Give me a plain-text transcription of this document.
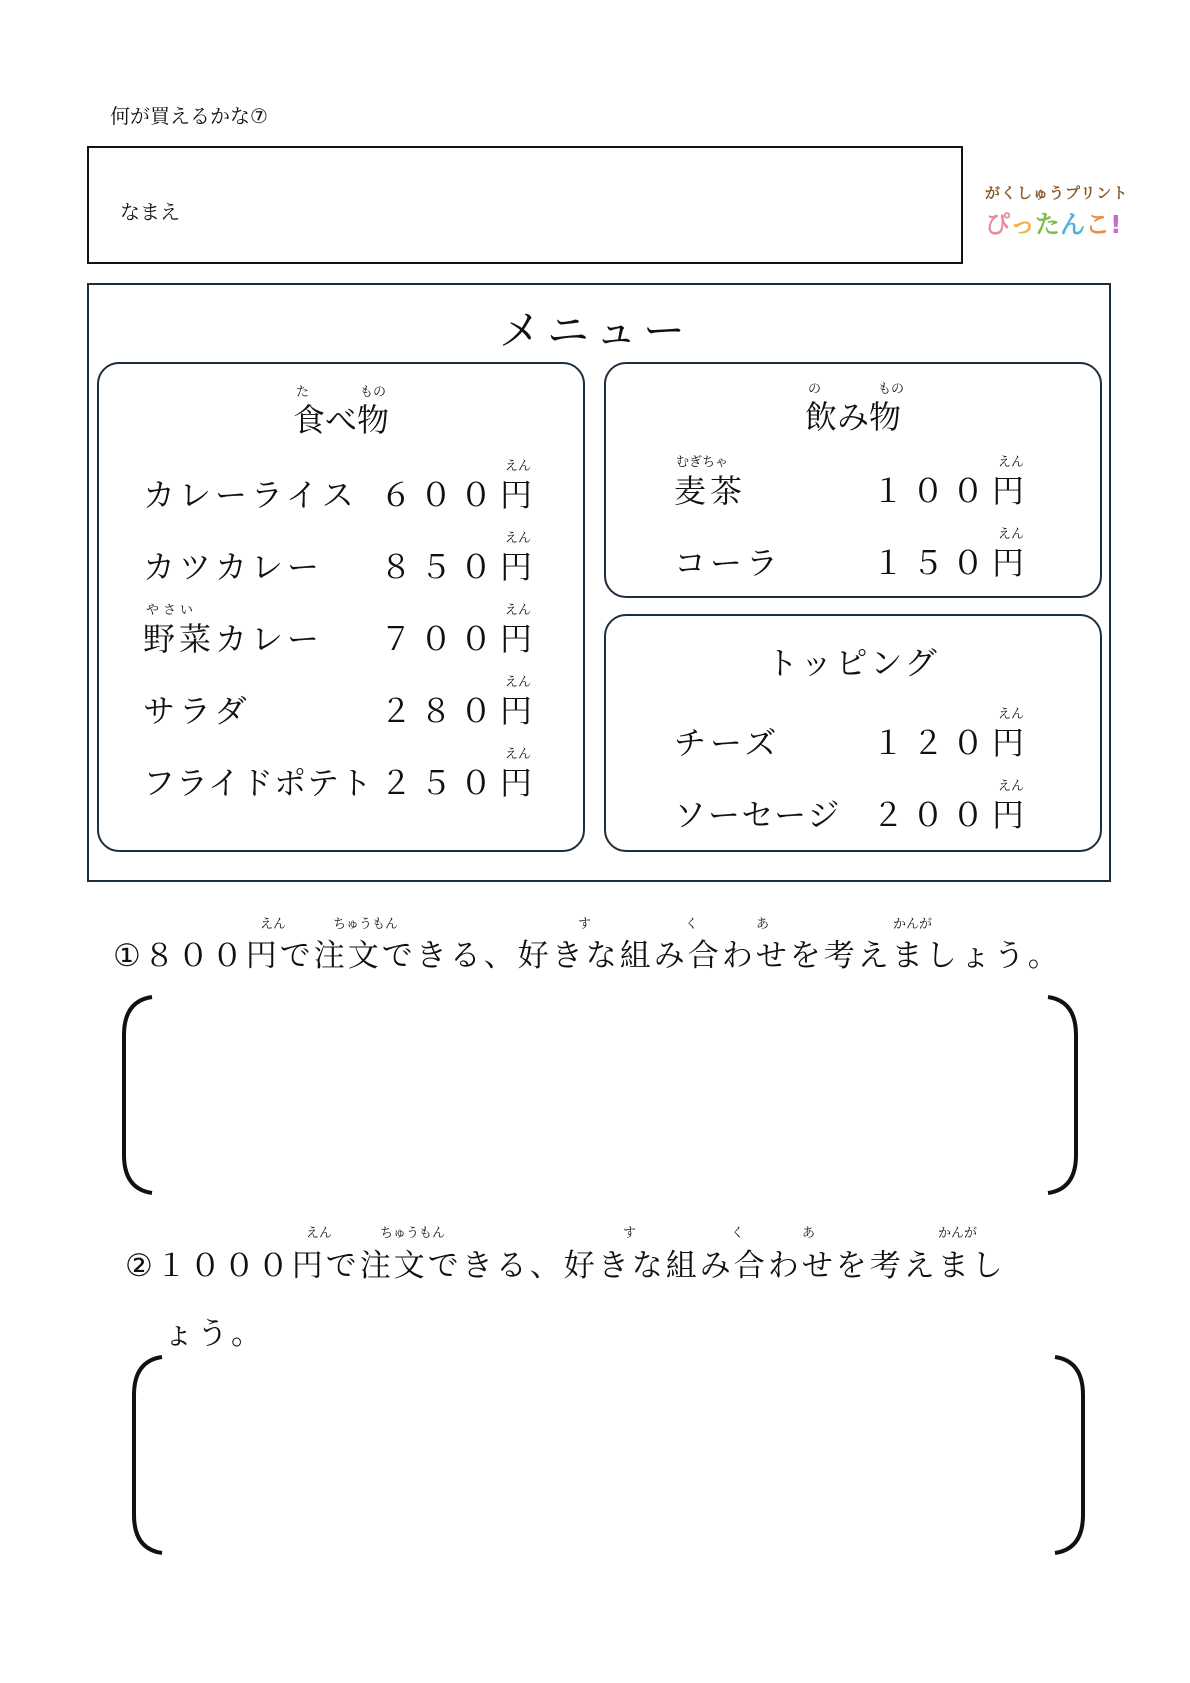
何が買えるかな⑦
なまえ
がくしゅうプリント
ぴったんこ!
メニュー
た	もの
食べ物
カレーライス
えん
６００円
カツカレー
えん
８５０円
やさい
野菜カレー
えん
７００円
サラダ
えん
２８０円
フライドポテト
えん
２５０円
の	もの
飲み物
むぎちゃ
麦茶
えん
１００円
コーラ
えん
１５０円
トッピング
チーズ
えん
１２０円
ソーセージ
えん
２００円
えん	ちゅうもん	す	く	あ	かんが
①８００円で注文できる、好きな組み合わせを考えましょう。
えん	ちゅうもん	す	く	あ	かんが
②１０００円で注文できる、好きな組み合わせを考えまし
ょう。
